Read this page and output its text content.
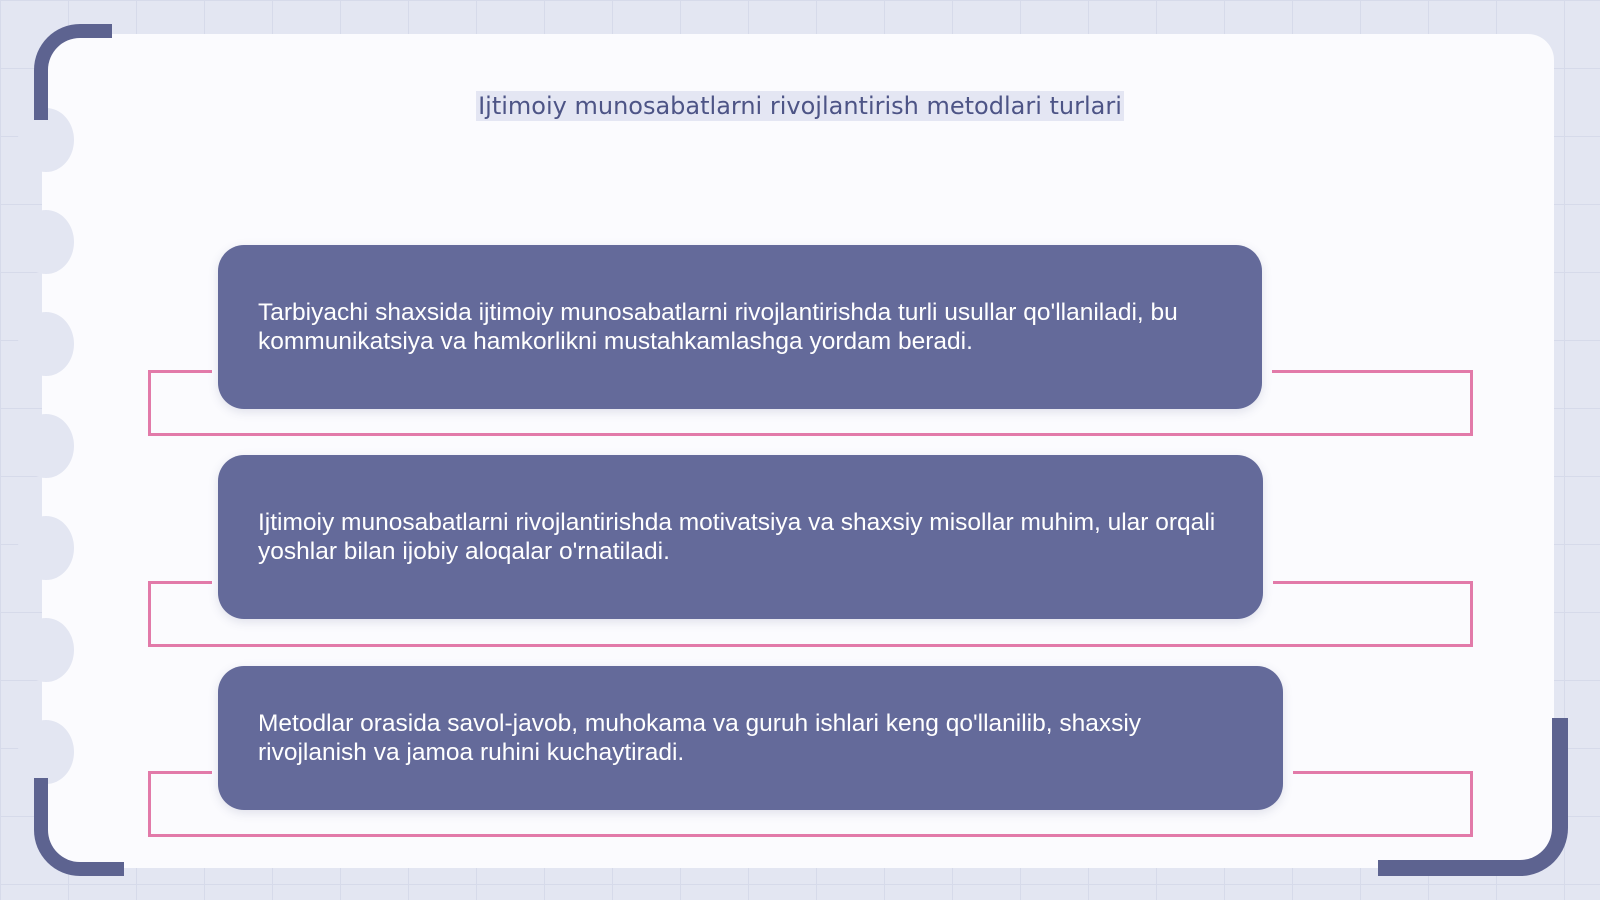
Ijtimoiy munosabatlarni rivojlantirish metodlari turlari
Tarbiyachi shaxsida ijtimoiy munosabatlarni rivojlantirishda turli usullar qo'llaniladi, bu kommunikatsiya va hamkorlikni mustahkamlashga yordam beradi.
Ijtimoiy munosabatlarni rivojlantirishda motivatsiya va shaxsiy misollar muhim, ular orqali yoshlar bilan ijobiy aloqalar o'rnatiladi.
Metodlar orasida savol-javob, muhokama va guruh ishlari keng qo'llanilib, shaxsiy rivojlanish va jamoa ruhini kuchaytiradi.
